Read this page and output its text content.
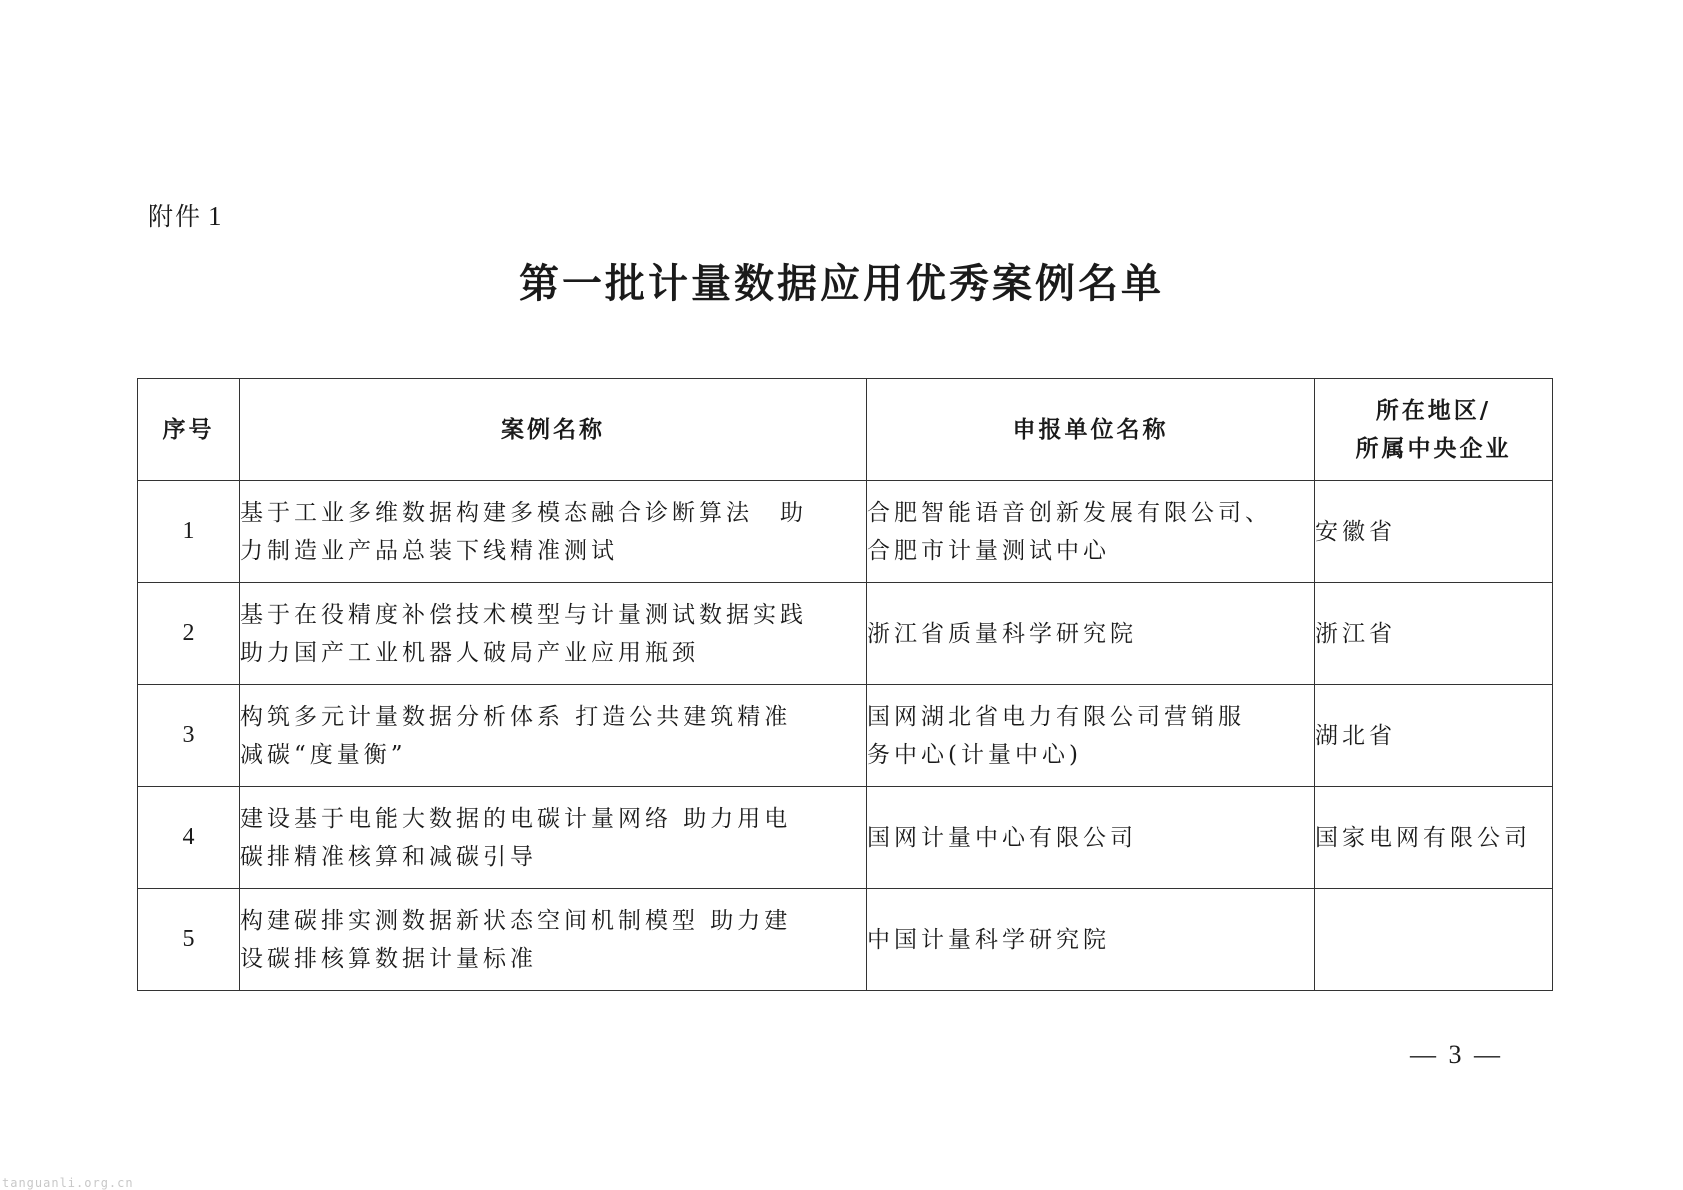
附件 1
第一批计量数据应用优秀案例名单
序号	案例名称	申报单位名称	所在地区/
所属中央企业
1	基于工业多维数据构建多模态融合诊断算法　助
力制造业产品总装下线精准测试	合肥智能语音创新发展有限公司、
合肥市计量测试中心	安徽省
2	基于在役精度补偿技术模型与计量测试数据实践
助力国产工业机器人破局产业应用瓶颈	浙江省质量科学研究院	浙江省
3	构筑多元计量数据分析体系 打造公共建筑精准
减碳“度量衡”	国网湖北省电力有限公司营销服
务中心(计量中心)	湖北省
4	建设基于电能大数据的电碳计量网络 助力用电
碳排精准核算和减碳引导	国网计量中心有限公司	国家电网有限公司
5	构建碳排实测数据新状态空间机制模型 助力建
设碳排核算数据计量标准	中国计量科学研究院	

— 3 —
tanguanli.org.cn
